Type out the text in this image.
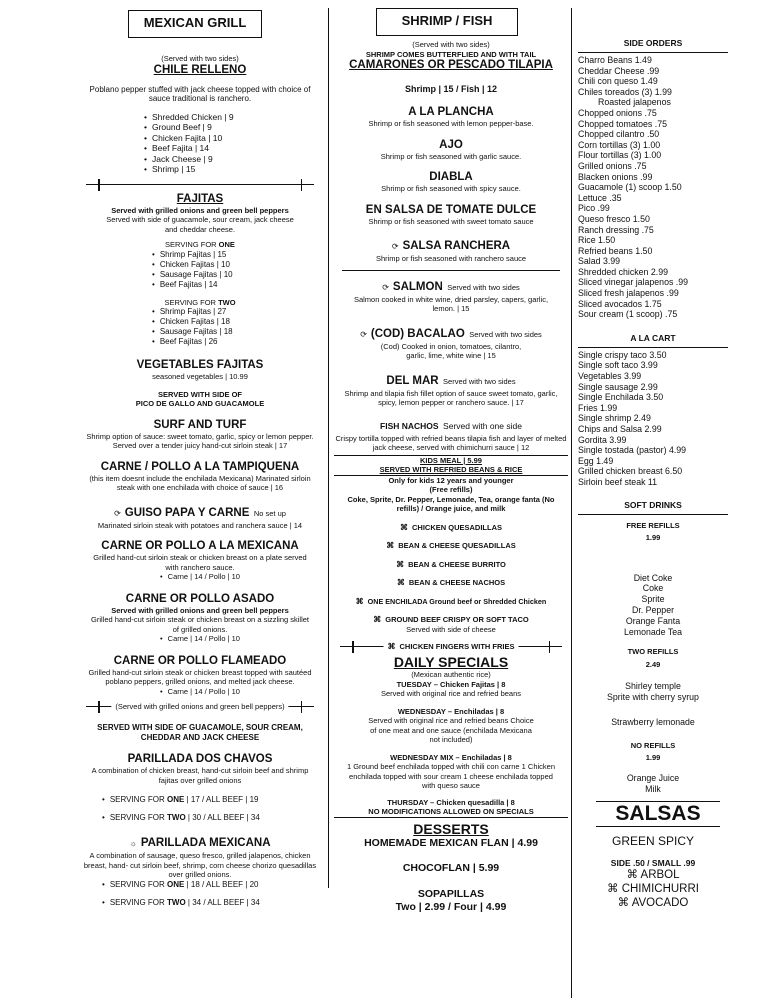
MEXICAN GRILL
(Served with two sides)
CHILE RELLENO
Poblano pepper stuffed with jack cheese topped with choice of sauce traditional is ranchero.
• Shredded Chicken | 9
• Ground Beef | 9
• Chicken Fajita | 10
• Beef Fajita | 14
• Jack Cheese | 9
• Shrimp | 15
FAJITAS
Served with grilled onions and green bell peppers
Served with side of guacamole, sour cream, jack cheese and cheddar cheese.
SERVING FOR ONE
• Shrimp Fajitas | 15
• Chicken Fajitas | 10
• Sausage Fajitas | 10
• Beef Fajitas | 14
SERVING FOR TWO
• Shrimp Fajitas | 27
• Chicken Fajitas | 18
• Sausage Fajitas | 18
• Beef Fajitas | 26
VEGETABLES FAJITAS
seasoned vegetables | 10.99
SERVED WITH SIDE OF
PICO DE GALLO AND GUACAMOLE
SURF AND TURF
Shrimp option of sauce: sweet tomato, garlic, spicy or lemon pepper. Served over a tender juicy hand-cut sirloin steak | 17
CARNE / POLLO A LA TAMPIQUENA
(this item doesnt include the enchilada Mexicana) Marinated sirloin steak with one enchilada with choice of sauce | 16
⟳ GUISO PAPA Y CARNE No set up
Marinated sirloin steak with potatoes and ranchera sauce | 14
CARNE OR POLLO A LA MEXICANA
Grilled hand-cut sirloin steak or chicken breast on a plate served with ranchero sauce.
• Carne | 14 / Pollo | 10
CARNE OR POLLO ASADO
Served with grilled onions and green bell peppers
Grilled hand-cut sirloin steak or chicken breast on a sizzling skillet of grilled onions.
• Carne | 14 / Pollo | 10
CARNE OR POLLO FLAMEADO
Grilled hand-cut sirloin steak or chicken breast topped with sautéed poblano peppers, grilled onions, and melted jack cheese.
• Carne | 14 / Pollo | 10
(Served with grilled onions and green bell peppers)
SERVED WITH SIDE OF GUACAMOLE, SOUR CREAM, CHEDDAR AND JACK CHEESE
PARILLADA DOS CHAVOS
A combination of chicken breast, hand-cut sirloin beef and shrimp fajitas over grilled onions
• SERVING FOR ONE | 17 / ALL BEEF | 19
• SERVING FOR TWO | 30 / ALL BEEF | 34
☼ PARILLADA MEXICANA
A combination of sausage, queso fresco, grilled jalapenos, chicken breast, hand- cut sirloin beef, shrimp, corn cheese chorizo quesadillas over grilled onions.
• SERVING FOR ONE | 18 / ALL BEEF | 20
• SERVING FOR TWO | 34 / ALL BEEF | 34
SHRIMP / FISH
(Served with two sides)
SHRIMP COMES BUTTERFLIED AND WITH TAIL
CAMARONES OR PESCADO TILAPIA
Shrimp | 15 / Fish | 12
A LA PLANCHA
Shrimp or fish seasoned with lemon pepper-base.
AJO
Shrimp or fish seasoned with garlic sauce.
DIABLA
Shrimp or fish seasoned with spicy sauce.
EN SALSA DE TOMATE DULCE
Shrimp or fish seasoned with sweet tomato sauce
⟳ SALSA RANCHERA
Shrimp or fish seasoned with ranchero sauce
⟳ SALMON Served with two sides
Salmon cooked in white wine, dried parsley, capers, garlic, lemon. | 15
⟳ (COD) BACALAO Served with two sides
(Cod) Cooked in onion, tomatoes, cilantro, garlic, lime, white wine | 15
DEL MAR Served with two sides
Shrimp and tilapia fish fillet option of sauce sweet tomato, garlic, spicy, lemon pepper or ranchero sauce. | 17
FISH NACHOS Served with one side
Crispy tortilla topped with refried beans tilapia fish and layer of melted jack cheese, served with chimichurri sauce | 12
KIDS MEAL | 5.99
SERVED WITH REFRIED BEANS & RICE
Only for kids 12 years and younger
(Free refills)
Coke, Sprite, Dr. Pepper, Lemonade, Tea, orange fanta (No refills) / Orange juice, and milk
⌘ CHICKEN QUESADILLAS
⌘ BEAN & CHEESE QUESADILLAS
⌘ BEAN & CHEESE BURRITO
⌘ BEAN & CHEESE NACHOS
⌘ ONE ENCHILADA Ground beef or Shredded Chicken
⌘ GROUND BEEF CRISPY OR SOFT TACO
Served with side of cheese
⌘ CHICKEN FINGERS WITH FRIES
DAILY SPECIALS
(Mexican authentic rice)
TUESDAY – Chicken Fajitas | 8
Served with original rice and refried beans
WEDNESDAY – Enchiladas | 8
Served with original rice and refried beans Choice of one meat and one sauce (enchilada Mexicana not included)
WEDNESDAY MIX – Enchiladas | 8
1 Ground beef enchilada topped with chili con carne 1 Chicken enchilada topped with sour cream 1 cheese enchilada topped with queso sauce
THURSDAY – Chicken quesadilla | 8
NO MODIFICATIONS ALLOWED ON SPECIALS
DESSERTS
HOMEMADE MEXICAN FLAN | 4.99
CHOCOFLAN | 5.99
SOPAPILLAS
Two | 2.99 / Four | 4.99
SIDE ORDERS
Charro Beans 1.49
Cheddar Cheese .99
Chili con queso 1.49
Chiles toreados (3) 1.99
Roasted jalapenos
Chopped onions .75
Chopped tomatoes .75
Chopped cilantro .50
Corn tortillas (3) 1.00
Flour tortillas (3) 1.00
Grilled onions .75
Blacken onions .99
Guacamole (1) scoop 1.50
Lettuce .35
Pico .99
Queso fresco 1.50
Ranch dressing .75
Rice 1.50
Refried beans 1.50
Salad 3.99
Shredded chicken 2.99
Sliced vinegar jalapenos .99
Sliced fresh jalapenos .99
Sliced avocados 1.75
Sour cream (1 scoop) .75
A LA CART
Single crispy taco 3.50
Single soft taco 3.99
Vegetables 3.99
Single sausage 2.99
Single Enchilada 3.50
Fries 1.99
Single shrimp 2.49
Chips and Salsa 2.99
Gordita 3.99
Single tostada (pastor) 4.99
Egg 1.49
Grilled chicken breast 6.50
Sirloin beef steak 11
SOFT DRINKS
FREE REFILLS
1.99
Diet Coke
Coke
Sprite
Dr. Pepper
Orange Fanta
Lemonade Tea
TWO REFILLS
2.49
Shirley temple
Sprite with cherry syrup
Strawberry lemonade
NO REFILLS
1.99
Orange Juice
Milk
SALSAS
GREEN SPICY
SIDE .50 / SMALL .99
⌘ ARBOL
⌘ CHIMICHURRI
⌘ AVOCADO
